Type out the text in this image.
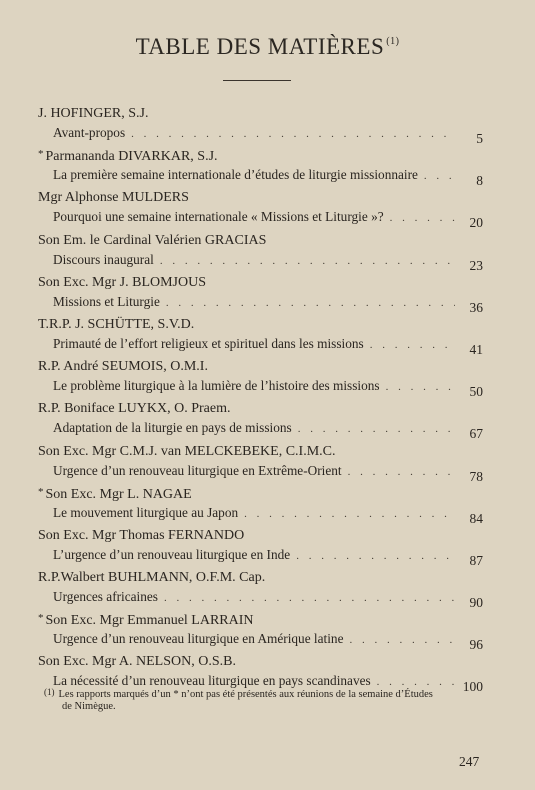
TABLE DES MATIÈRES $^{(1)}$
J. HOFINGER, S.J.
Avant-propos . . .	5
* Parmananda DIVARKAR, S.J.
La première semaine internationale d’études de liturgie missionnaire . . .	8
Mgr Alphonse MULDERS
Pourquoi une semaine internationale « Missions et Liturgie »? . . .	20
Son Em. le Cardinal Valérien GRACIAS
Discours inaugural . . .	23
Son Exc. Mgr J. BLOMJOUS
Missions et Liturgie . . .	36
T.R.P. J. SCHÜTTE, S.V.D.
Primauté de l’effort religieux et spirituel dans les missions . . .	41
R.P. André SEUMOIS, O.M.I.
Le problème liturgique à la lumière de l’histoire des missions . . .	50
R.P. Boniface LUYKX, O. Praem.
Adaptation de la liturgie en pays de missions . . .	67
Son Exc. Mgr C.M.J. van MELCKEBEKE, C.I.M.C.
Urgence d’un renouveau liturgique en Extrême-Orient . . .	78
* Son Exc. Mgr L. NAGAE
Le mouvement liturgique au Japon . . .	84
Son Exc. Mgr Thomas FERNANDO
L’urgence d’un renouveau liturgique en Inde . . .	87
R.P.Walbert BUHLMANN, O.F.M. Cap.
Urgences africaines . . .	90
* Son Exc. Mgr Emmanuel LARRAIN
Urgence d’un renouveau liturgique en Amérique latine . . .	96
Son Exc. Mgr A. NELSON, O.S.B.
La nécessité d’un renouveau liturgique en pays scandinaves . . .	100
(1) Les rapports marqués d’un * n’ont pas été présentés aux réunions de la semaine d’Études
de Nimègue.
247
